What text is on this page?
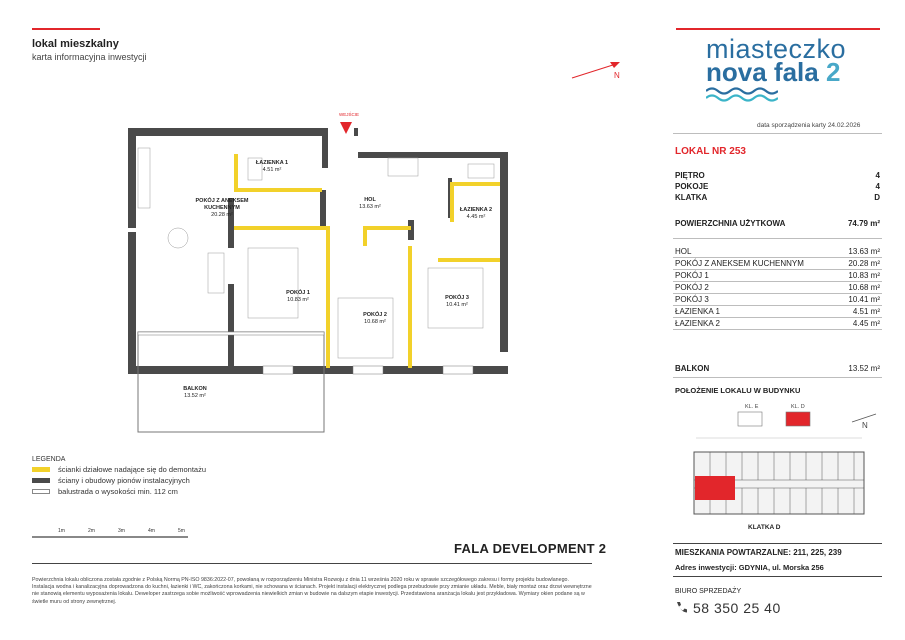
lokal mieszkalny
karta informacyjna inwestycji
N
miasteczko
nova fala 2
data sporządzenia karty 24.02.2026
LOKAL NR 253
PIĘTRO	4
POKOJE	4
KLATKA	D
POWIERZCHNIA UŻYTKOWA	74.79 m²
HOL	13.63 m²
POKÓJ Z ANEKSEM KUCHENNYM	20.28 m²
POKÓJ 1	10.83 m²
POKÓJ 2	10.68 m²
POKÓJ 3	10.41 m²
ŁAZIENKA 1	4.51 m²
ŁAZIENKA 2	4.45 m²
BALKON	13.52 m²
POŁOŻENIE LOKALU W BUDYNKU
N
KL. E	KL. D
KLATKA D
MIESZKANIA POWTARZALNE: 211, 225, 239
Adres inwestycji: GDYNIA, ul. Morska 256
BIURO SPRZEDAŻY
58 350 25 40
WEJŚCIE
POKÓJ Z ANEKSEM
KUCHENNYM
20.28 m²
ŁAZIENKA 1
4.51 m²
HOL
13.63 m²
ŁAZIENKA 2
4.45 m²
POKÓJ 1
10.83 m²
POKÓJ 2
10.68 m²
POKÓJ 3
10.41 m²
BALKON
13.52 m²
LEGENDA
ścianki działowe nadające się do demontażu
ściany i obudowy pionów instalacyjnych
balustrada o wysokości min. 112 cm
1m	2m	3m	4m	5m
FALA DEVELOPMENT 2
Powierzchnia lokalu obliczona została zgodnie z Polską Normą PN-ISO 9836:2022-07, powołaną w rozporządzeniu Ministra Rozwoju z dnia 11 września 2020 roku w sprawie szczegółowego zakresu i formy projektu budowlanego. Instalacja wodna i kanalizacyjna doprowadzona do kuchni, łazienki i WC, zakończona korkami, nie schowana w ścianach. Projekt instalacji elektrycznej podlega przebudowie przy zmianie układu. Meble, biały montaż oraz drzwi wewnętrzne nie stanowią elementu wyposażenia lokalu. Deweloper zastrzega sobie możliwość wprowadzenia niewielkich zmian w budowie na dalszym etapie inwestycji. Przedstawiona aranżacja lokalu jest przykładowa. Wymiary okien podane są w świetle muru od strony zewnętrznej.
